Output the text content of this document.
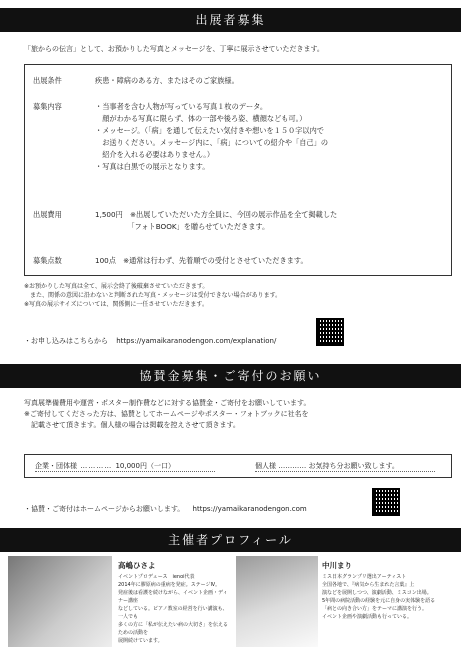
出展者募集
「旅からの伝言」として、お預かりした写真とメッセージを、丁寧に展示させていただきます。
出展条件	疾患・障病のある方、またはそのご家族様。
募集内容	・当事者を含む人物が写っている写真１枚のデータ。
　顔がわかる写真に限らず、体の一部や後ろ姿、横顔なども可。）
・メッセージ。（「病」を通して伝えたい気付きや想いを１５０字以内で
　お送りください。メッセージ内に、「病」についての紹介や「自己」の
　紹介を入れる必要はありません。）
・写真は白黒での展示となります。
出展費用	1,500円　※出展していただいた方全員に、今回の展示作品を全て掲載した
　　　　　「フォトBOOK」を贈らせていただきます。
募集点数	100点　※通常は行わず、先着順での受付とさせていただきます。
※お預かりした写真は全て、展示会終了後破棄させていただきます。
　また、関係の意図に沿わないと判断された写真・メッセージは受付できない場合があります。
※写真の展示サイズについては、関係側に一任させていただきます。
・お申し込みはこちらから https://yamaikaranodengon.com/explanation/
協賛金募集・ご寄付のお願い
写真展準備費用や運営・ポスター制作費などに対する協賛金・ご寄付をお願いしています。
※ご寄付してくださった方は、協賛としてホームページやポスター・フォトブックに社名を
　記載させて頂きます。個人様の場合は掲載を控えさせて頂きます。
企業・団体様 ………… 10,000円（一口）	個人様 ………… お気持ち分お願い致します。
・協賛・ご寄付はホームページからお願いします。 https://yamaikaranodengon.com
主催者プロフィール
高嶋ひさよ
イベントプロデュース　ienoi代表
2014年に膠原病の重病を発症。ステージⅣ。
発症後は看護を続けながら、イベント企画・ディナー講座
などしている。ピアノ教室の経営を行い講演も、一人でも
多くの方に「私が伝えたい病の大切さ」を伝えるための活動を
展開続けています。
中川まり
ミス日本グランプリ選出アーティスト
全国各地で、『病気から生まれた言葉』上
演などを展開しつつ、演劇活動、ミスコン出場。
5年間の病院活動の経験を元に自身の実体験を語る
「病との向き合い方」をテーマに講演を行う。
イベント企画や演劇活動も行っている。
